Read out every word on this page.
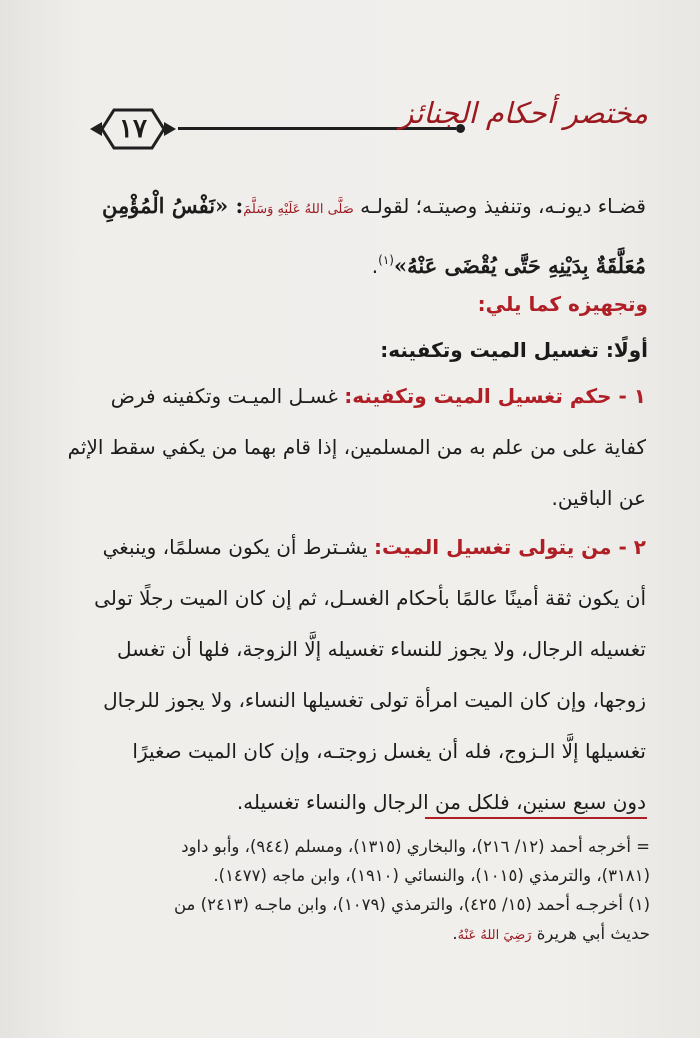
١٧	مختصر أحكام الجنائز
قضـاء ديونـه، وتنفيذ وصيتـه؛ لقولـه صَلَّى اللهُ عَلَيْهِ وَسَلَّمَ: «نَفْسُ الْمُؤْمِنِ
مُعَلَّقَةٌ بِدَيْنِهِ حَتَّى يُقْضَى عَنْهُ»$^{(١)}$.
وتجهيزه كما يلي:
أولًا: تغسيل الميت وتكفينه:
١ - حكم تغسيل الميت وتكفينه: غسـل الميـت وتكفينه فرض
كفاية على من علم به من المسلمين، إذا قام بهما من يكفي سقط الإثم
عن الباقين.
٢ - من يتولى تغسيل الميت: يشـترط أن يكون مسلمًا، وينبغي
أن يكون ثقة أمينًا عالمًا بأحكام الغسـل، ثم إن كان الميت رجلًا تولى
تغسيله الرجال، ولا يجوز للنساء تغسيله إلَّا الزوجة، فلها أن تغسل
زوجها، وإن كان الميت امرأة تولى تغسيلها النساء، ولا يجوز للرجال
تغسيلها إلَّا الـزوج، فله أن يغسل زوجتـه، وإن كان الميت صغيرًا
دون سبع سنين، فلكل من الرجال والنساء تغسيله.
= أخرجه أحمد (١٢/ ٢١٦)، والبخاري (١٣١٥)، ومسلم (٩٤٤)، وأبو داود
(٣١٨١)، والترمذي (١٠١٥)، والنسائي (١٩١٠)، وابن ماجه (١٤٧٧).
(١) أخرجـه أحمد (١٥/ ٤٢٥)، والترمذي (١٠٧٩)، وابن ماجـه (٢٤١٣) من
حديث أبي هريرة رَضِيَ اللهُ عَنْهُ.
